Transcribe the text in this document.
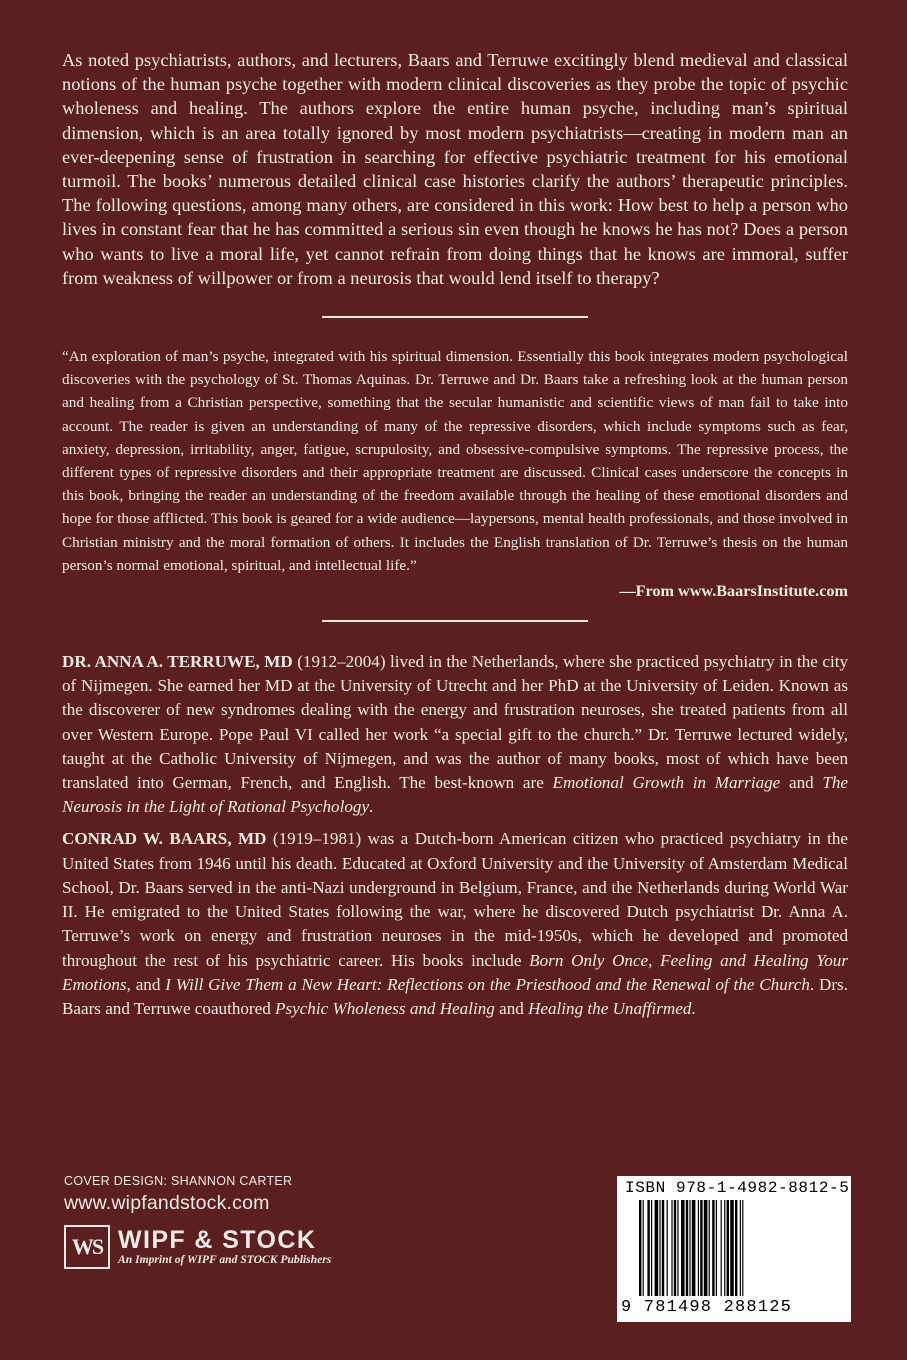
As noted psychiatrists, authors, and lecturers, Baars and Terruwe excitingly blend medieval and classical notions of the human psyche together with modern clinical discoveries as they probe the topic of psychic wholeness and healing. The authors explore the entire human psyche, including man’s spiritual dimension, which is an area totally ignored by most modern psychiatrists—creating in modern man an ever-deepening sense of frustration in searching for effective psychiatric treatment for his emotional turmoil. The books’ numerous detailed clinical case histories clarify the authors’ therapeutic principles. The following questions, among many others, are considered in this work: How best to help a person who lives in constant fear that he has committed a serious sin even though he knows he has not? Does a person who wants to live a moral life, yet cannot refrain from doing things that he knows are immoral, suffer from weakness of willpower or from a neurosis that would lend itself to therapy?

“An exploration of man’s psyche, integrated with his spiritual dimension. Essentially this book integrates modern psychological discoveries with the psychology of St. Thomas Aquinas. Dr. Terruwe and Dr. Baars take a refreshing look at the human person and healing from a Christian perspective, something that the secular humanistic and scientific views of man fail to take into account. The reader is given an understanding of many of the repressive disorders, which include symptoms such as fear, anxiety, depression, irritability, anger, fatigue, scrupulosity, and obsessive-compulsive symptoms. The repressive process, the different types of repressive disorders and their appropriate treatment are discussed. Clinical cases underscore the concepts in this book, bringing the reader an understanding of the freedom available through the healing of these emotional disorders and hope for those afflicted. This book is geared for a wide audience—laypersons, mental health professionals, and those involved in Christian ministry and the moral formation of others. It includes the English translation of Dr. Terruwe’s thesis on the human person’s normal emotional, spiritual, and intellectual life.”

—From www.BaarsInstitute.com

DR. ANNA A. TERRUWE, MD (1912–2004) lived in the Netherlands, where she practiced psychiatry in the city of Nijmegen. She earned her MD at the University of Utrecht and her PhD at the University of Leiden. Known as the discoverer of new syndromes dealing with the energy and frustration neuroses, she treated patients from all over Western Europe. Pope Paul VI called her work “a special gift to the church.” Dr. Terruwe lectured widely, taught at the Catholic University of Nijmegen, and was the author of many books, most of which have been translated into German, French, and English. The best-known are Emotional Growth in Marriage and The Neurosis in the Light of Rational Psychology.

CONRAD W. BAARS, MD (1919–1981) was a Dutch-born American citizen who practiced psychiatry in the United States from 1946 until his death. Educated at Oxford University and the University of Amsterdam Medical School, Dr. Baars served in the anti-Nazi underground in Belgium, France, and the Netherlands during World War II. He emigrated to the United States following the war, where he discovered Dutch psychiatrist Dr. Anna A. Terruwe’s work on energy and frustration neuroses in the mid-1950s, which he developed and promoted throughout the rest of his psychiatric career. His books include Born Only Once, Feeling and Healing Your Emotions, and I Will Give Them a New Heart: Reflections on the Priesthood and the Renewal of the Church. Drs. Baars and Terruwe coauthored Psychic Wholeness and Healing and Healing the Unaffirmed.

COVER DESIGN: SHANNON CARTER
www.wipfandstock.com
WS WIPF & STOCK
An Imprint of WIPF and STOCK Publishers
ISBN 978-1-4982-8812-5
9 781498 288125
